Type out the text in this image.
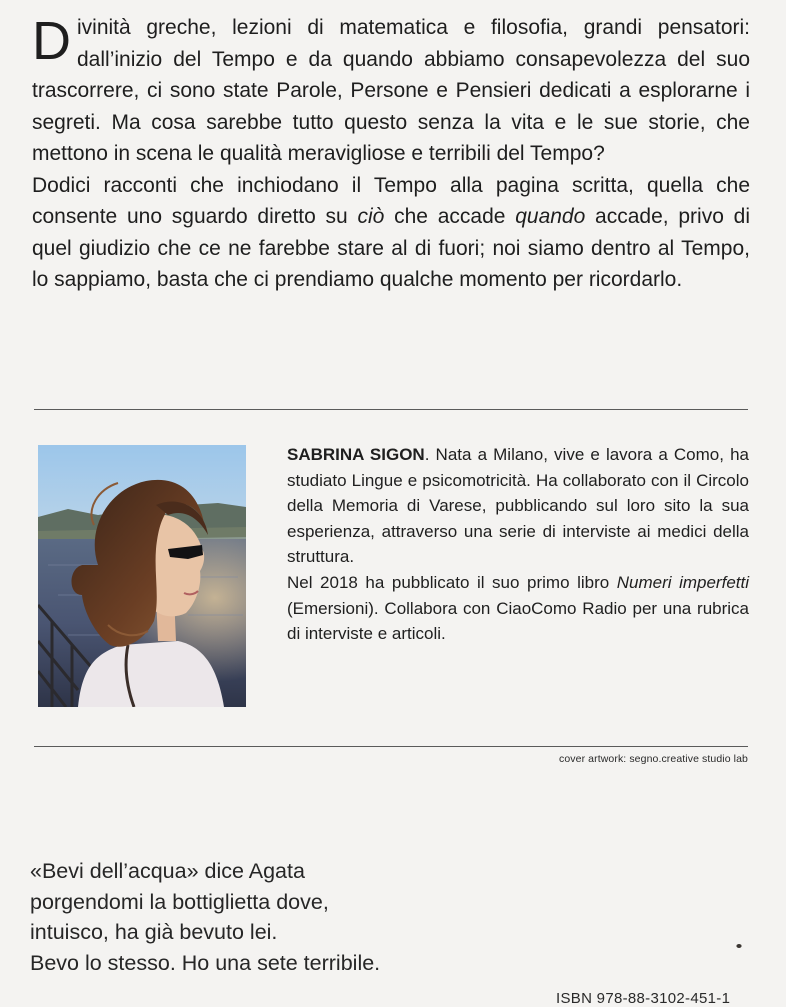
Divinità greche, lezioni di matematica e filosofia, grandi pensatori: dall’inizio del Tempo e da quando abbiamo consapevolezza del suo trascorrere, ci sono state Parole, Persone e Pensieri dedicati a esplorarne i segreti. Ma cosa sarebbe tutto questo senza la vita e le sue storie, che mettono in scena le qualità meravigliose e terribili del Tempo?

Dodici racconti che inchiodano il Tempo alla pagina scritta, quella che consente uno sguardo diretto su ciò che accade quando accade, privo di quel giudizio che ce ne farebbe stare al di fuori; noi siamo dentro al Tempo, lo sappiamo, basta che ci prendiamo qualche momento per ricordarlo.

SABRINA SIGON. Nata a Milano, vive e lavora a Como, ha studiato Lingue e psicomotricità. Ha collaborato con il Circolo della Memoria di Varese, pubblicando sul loro sito la sua esperienza, attraverso una serie di interviste ai medici della struttura.

Nel 2018 ha pubblicato il suo primo libro Numeri imperfetti (Emersioni). Collabora con CiaoComo Radio per una rubrica di interviste e articoli.

cover artwork: segno.creative studio lab
«Bevi dell’acqua» dice Agata
porgendomi la bottiglietta dove,
intuisco, ha già bevuto lei.
Bevo lo stesso. Ho una sete terribile.
ISBN 978-88-3102-451-1
